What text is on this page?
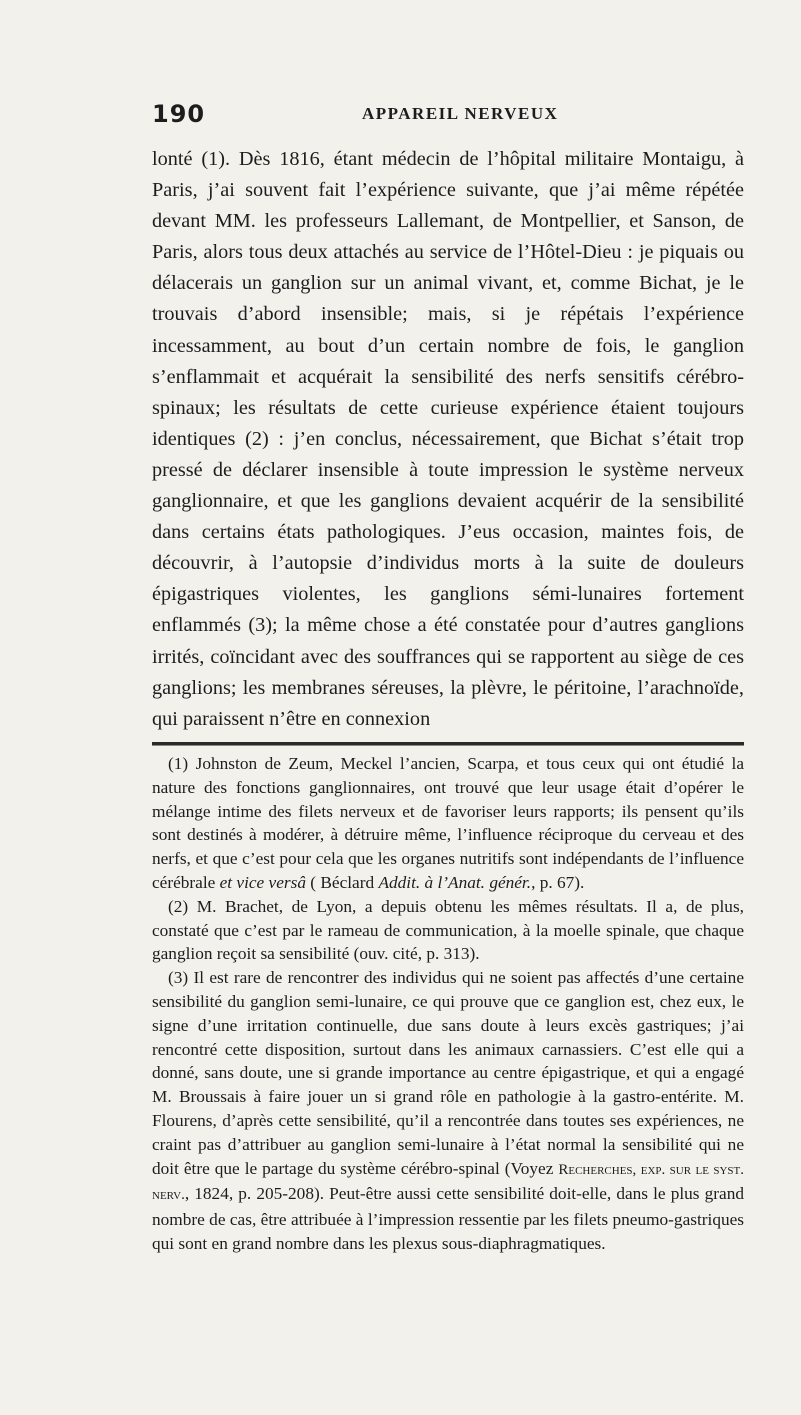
190	APPAREIL NERVEUX

lonté (1). Dès 1816, étant médecin de l’hôpital militaire Montaigu, à Paris, j’ai souvent fait l’expérience suivante, que j’ai même répétée devant MM. les professeurs Lallemant, de Montpellier, et Sanson, de Paris, alors tous deux attachés au service de l’Hôtel-Dieu : je piquais ou délacerais un ganglion sur un animal vivant, et, comme Bichat, je le trouvais d’abord insensible; mais, si je répétais l’expérience incessamment, au bout d’un certain nombre de fois, le ganglion s’enflammait et acquérait la sensibilité des nerfs sensitifs cérébro-spinaux; les résultats de cette curieuse expérience étaient toujours identiques (2) : j’en conclus, nécessairement, que Bichat s’était trop pressé de déclarer insensible à toute impression le système nerveux ganglionnaire, et que les ganglions devaient acquérir de la sensibilité dans certains états pathologiques. J’eus occasion, maintes fois, de découvrir, à l’autopsie d’individus morts à la suite de douleurs épigastriques violentes, les ganglions sémi-lunaires fortement enflammés (3); la même chose a été constatée pour d’autres ganglions irrités, coïncidant avec des souffrances qui se rapportent au siège de ces ganglions; les membranes séreuses, la plèvre, le péritoine, l’arachnoïde, qui paraissent n’être en connexion

(1) Johnston de Zeum, Meckel l’ancien, Scarpa, et tous ceux qui ont étudié la nature des fonctions ganglionnaires, ont trouvé que leur usage était d’opérer le mélange intime des filets nerveux et de favoriser leurs rapports; ils pensent qu’ils sont destinés à modérer, à détruire même, l’influence réciproque du cerveau et des nerfs, et que c’est pour cela que les organes nutritifs sont indépendants de l’influence cérébrale et vice versâ ( Béclard Addit. à l’Anat. génér., p. 67).

(2) M. Brachet, de Lyon, a depuis obtenu les mêmes résultats. Il a, de plus, constaté que c’est par le rameau de communication, à la moelle spinale, que chaque ganglion reçoit sa sensibilité (ouv. cité, p. 313).

(3) Il est rare de rencontrer des individus qui ne soient pas affectés d’une certaine sensibilité du ganglion semi-lunaire, ce qui prouve que ce ganglion est, chez eux, le signe d’une irritation continuelle, due sans doute à leurs excès gastriques; j’ai rencontré cette disposition, surtout dans les animaux carnassiers. C’est elle qui a donné, sans doute, une si grande importance au centre épigastrique, et qui a engagé M. Broussais à faire jouer un si grand rôle en pathologie à la gastro-entérite. M. Flourens, d’après cette sensibilité, qu’il a rencontrée dans toutes ses expériences, ne craint pas d’attribuer au ganglion semi-lunaire à l’état normal la sensibilité qui ne doit être que le partage du système cérébro-spinal (Voyez Recherches, exp. sur le syst. nerv., 1824, p. 205-208). Peut-être aussi cette sensibilité doit-elle, dans le plus grand nombre de cas, être attribuée à l’impression ressentie par les filets pneumo-gastriques qui sont en grand nombre dans les plexus sous-diaphragmatiques.
